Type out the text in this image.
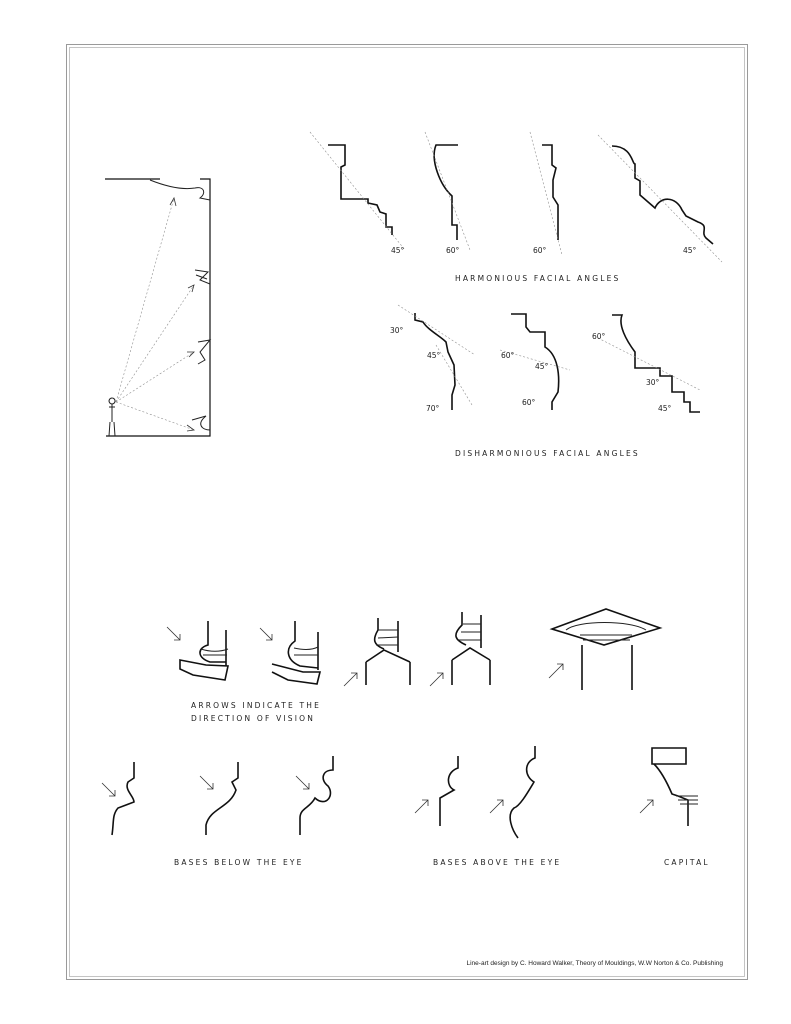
45°	60°	60°	45°
30°
45°
70°
60°
45°
60°
60°
30°
45°
HARMONIOUS FACIAL ANGLES
DISHARMONIOUS FACIAL ANGLES
ARROWS INDICATE THE
DIRECTION OF VISION
BASES BELOW THE EYE	BASES ABOVE THE EYE	CAPITAL
Line-art design by C. Howard Walker, Theory of Mouldings, W.W Norton & Co. Publishing
